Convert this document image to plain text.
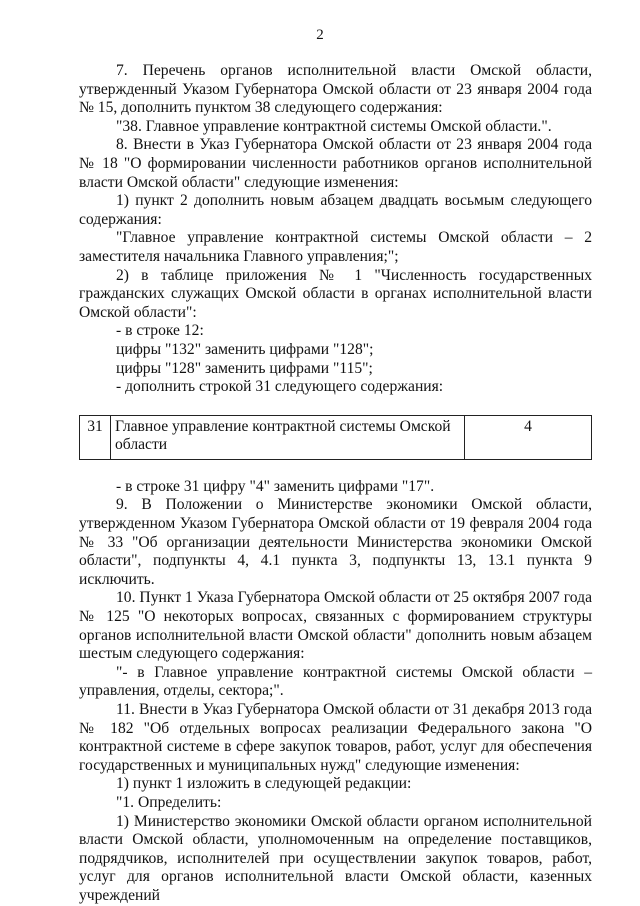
2

7. Перечень органов исполнительной власти Омской области, утвержденный Указом Губернатора Омской области от 23 января 2004 года № 15, дополнить пунктом 38 следующего содержания:

"38. Главное управление контрактной системы Омской области.".

8. Внести в Указ Губернатора Омской области от 23 января 2004 года № 18 "О формировании численности работников органов исполнительной власти Омской области" следующие изменения:

1) пункт 2 дополнить новым абзацем двадцать восьмым следующего содержания:

"Главное управление контрактной системы Омской области – 2 заместителя начальника Главного управления;";

2) в таблице приложения № 1 "Численность государственных гражданских служащих Омской области в органах исполнительной власти Омской области":

- в строке 12:

цифры "132" заменить цифрами "128";

цифры "128" заменить цифрами "115";

- дополнить строкой 31 следующего содержания:

31	Главное управление контрактной системы Омской области	4

- в строке 31 цифру "4" заменить цифрами "17".

9. В Положении о Министерстве экономики Омской области, утвержденном Указом Губернатора Омской области от 19 февраля 2004 года № 33 "Об организации деятельности Министерства экономики Омской области", подпункты 4, 4.1 пункта 3, подпункты 13, 13.1 пункта 9 исключить.

10. Пункт 1 Указа Губернатора Омской области от 25 октября 2007 года № 125 "О некоторых вопросах, связанных с формированием структуры органов исполнительной власти Омской области" дополнить новым абзацем шестым следующего содержания:

"- в Главное управление контрактной системы Омской области – управления, отделы, сектора;".

11. Внести в Указ Губернатора Омской области от 31 декабря 2013 года № 182 "Об отдельных вопросах реализации Федерального закона "О контрактной системе в сфере закупок товаров, работ, услуг для обеспечения государственных и муниципальных нужд" следующие изменения:

1) пункт 1 изложить в следующей редакции:

"1. Определить:

1) Министерство экономики Омской области органом исполнительной власти Омской области, уполномоченным на определение поставщиков, подрядчиков, исполнителей при осуществлении закупок товаров, работ, услуг для органов исполнительной власти Омской области, казенных учреждений
